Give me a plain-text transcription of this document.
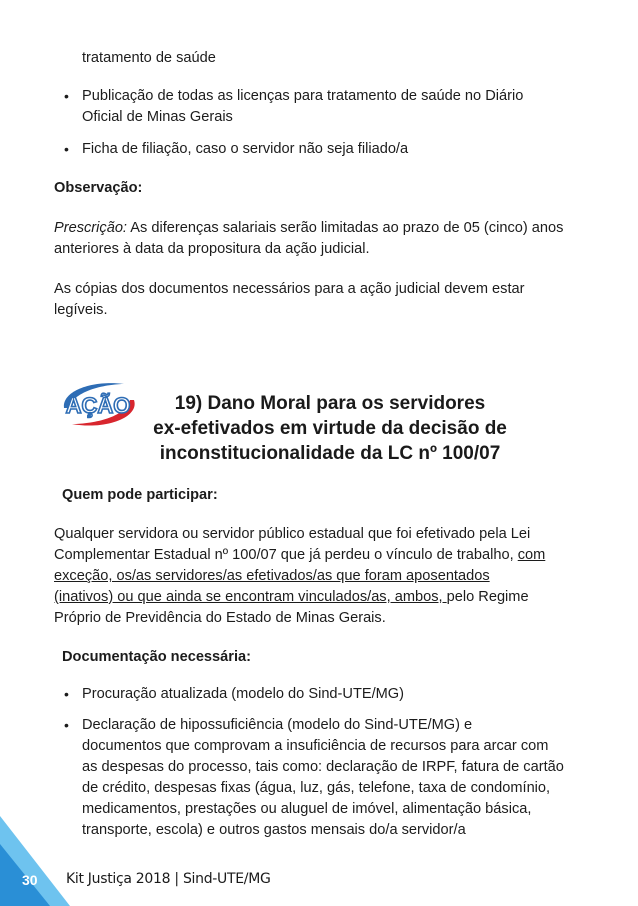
tratamento de saúde

• Publicação de todas as licenças para tratamento de saúde no Diário

Oficial de Minas Gerais

• Ficha de filiação, caso o servidor não seja filiado/a

Observação:

Prescrição: As diferenças salariais serão limitadas ao prazo de 05 (cinco) anos

anteriores à data da propositura da ação judicial.

As cópias dos documentos necessários para a ação judicial devem estar

legíveis.

AÇÃO	19) Dano Moral para os servidores
ex-efetivados em virtude da decisão de
inconstitucionalidade da LC nº 100/07

Quem pode participar:

Qualquer servidora ou servidor público estadual que foi efetivado pela Lei

Complementar Estadual nº 100/07 que já perdeu o vínculo de trabalho, com

exceção, os/as servidores/as efetivados/as que foram aposentados

(inativos) ou que ainda se encontram vinculados/as, ambos, pelo Regime

Próprio de Previdência do Estado de Minas Gerais.

Documentação necessária:

• Procuração atualizada (modelo do Sind-UTE/MG)

• Declaração de hipossuficiência (modelo do Sind-UTE/MG) e

documentos que comprovam a insuficiência de recursos para arcar com

as despesas do processo, tais como: declaração de IRPF, fatura de cartão

de crédito, despesas fixas (água, luz, gás, telefone, taxa de condomínio,

medicamentos, prestações ou aluguel de imóvel, alimentação básica,

transporte, escola) e outros gastos mensais do/a servidor/a

30 Kit Justiça 2018 | Sind-UTE/MG
